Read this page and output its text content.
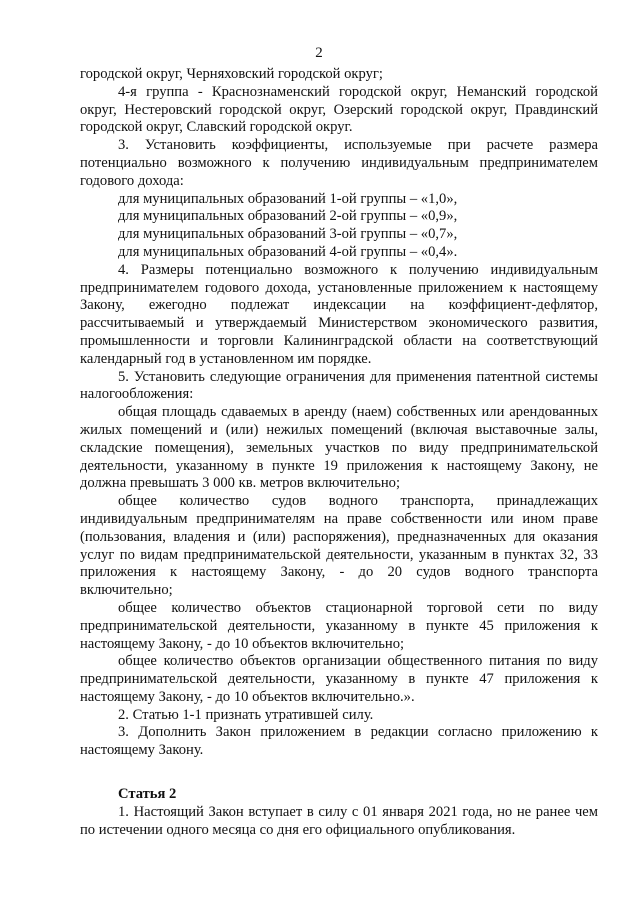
2

городской округ, Черняховский городской округ;

4-я группа - Краснознаменский городской округ, Неманский городской округ, Нестеровский городской округ, Озерский городской округ, Правдинский городской округ, Славский городской округ.

3. Установить коэффициенты, используемые при расчете размера потенциально возможного к получению индивидуальным предпринимателем годового дохода:

для муниципальных образований 1-ой группы – «1,0»,

для муниципальных образований 2-ой группы – «0,9»,

для муниципальных образований 3-ой группы – «0,7»,

для муниципальных образований 4-ой группы – «0,4».

4. Размеры потенциально возможного к получению индивидуальным предпринимателем годового дохода, установленные приложением к настоящему Закону, ежегодно подлежат индексации на коэффициент-дефлятор, рассчитываемый и утверждаемый Министерством экономического развития, промышленности и торговли Калининградской области на соответствующий календарный год в установленном им порядке.

5. Установить следующие ограничения для применения патентной системы налогообложения:

общая площадь сдаваемых в аренду (наем) собственных или арендованных жилых помещений и (или) нежилых помещений (включая выставочные залы, складские помещения), земельных участков по виду предпринимательской деятельности, указанному в пункте 19 приложения к настоящему Закону, не должна превышать 3 000 кв. метров включительно;

общее количество судов водного транспорта, принадлежащих индивидуальным предпринимателям на праве собственности или ином праве (пользования, владения и (или) распоряжения), предназначенных для оказания услуг по видам предпринимательской деятельности, указанным в пунктах 32, 33 приложения к настоящему Закону, - до 20 судов водного транспорта включительно;

общее количество объектов стационарной торговой сети по виду предпринимательской деятельности, указанному в пункте 45 приложения к настоящему Закону, - до 10 объектов включительно;

общее количество объектов организации общественного питания по виду предпринимательской деятельности, указанному в пункте 47 приложения к настоящему Закону, - до 10 объектов включительно.».

2. Статью 1-1 признать утратившей силу.

3. Дополнить Закон приложением в редакции согласно приложению к настоящему Закону.

Статья 2

1. Настоящий Закон вступает в силу с 01 января 2021 года, но не ранее чем по истечении одного месяца со дня его официального опубликования.
